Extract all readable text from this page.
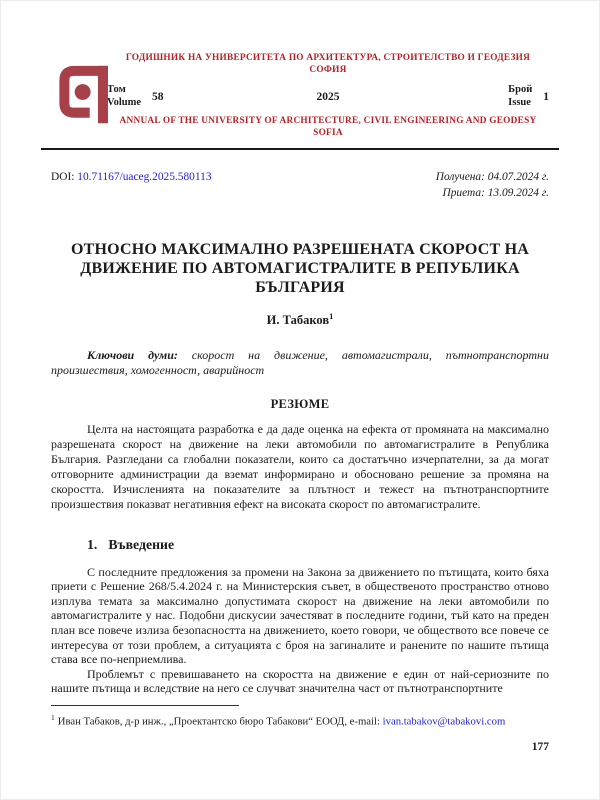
ГОДИШНИК НА УНИВЕРСИТЕТА ПО АРХИТЕКТУРА, СТРОИТЕЛСТВО И ГЕОДЕЗИЯ
СОФИЯ
Том
Volume 58	2025
Брой
Issue 1
ANNUAL OF THE UNIVERSITY OF ARCHITECTURE, CIVIL ENGINEERING AND GEODESY
SOFIA
DOI: 10.71167/uaceg.2025.580113	Получена: 04.07.2024 г.
Приета: 13.09.2024 г.
ОТНОСНО МАКСИМАЛНО РАЗРЕШЕНАТА СКОРОСТ НА ДВИЖЕНИЕ ПО АВТОМАГИСТРАЛИТЕ В РЕПУБЛИКА БЪЛГАРИЯ
И. Табаков$^1$

Ключови думи: скорост на движение, автомагистрали, пътнотранспортни произшествия, хомогенност, аварийност

РЕЗЮМЕ

Целта на настоящата разработка е да даде оценка на ефекта от промяната на максимално разрешената скорост на движение на леки автомобили по автомагистралите в Република България. Разгледани са глобални показатели, които са достатъчно изчерпателни, за да могат отговорните администрации да вземат информирано и обосновано решение за промяна на скоростта. Изчисленията на показателите за плътност и тежест на пътнотранспортните произшествия показват негативния ефект на високата скорост по автомагистралите.

1. Въведение

С последните предложения за промени на Закона за движението по пътищата, които бяха приети с Решение 268/5.4.2024 г. на Министерския съвет, в общественото пространство отново изплува темата за максимално допустимата скорост на движение на леки автомобили по автомагистралите у нас. Подобни дискусии зачестяват в последните години, тъй като на преден план все повече излиза безопасността на движението, което говори, че обществото все повече се интересува от този проблем, а ситуацията с броя на загиналите и ранените по нашите пътища става все по-неприемлива.

Проблемът с превишаването на скоростта на движение е един от най-сериозните по нашите пътища и вследствие на него се случват значителна част от пътнотранспортните

$^1$ Иван Табаков, д-р инж., „Проектантско бюро Табакови“ ЕООД, e-mail: ivan.tabakov@tabakovi.com
177
